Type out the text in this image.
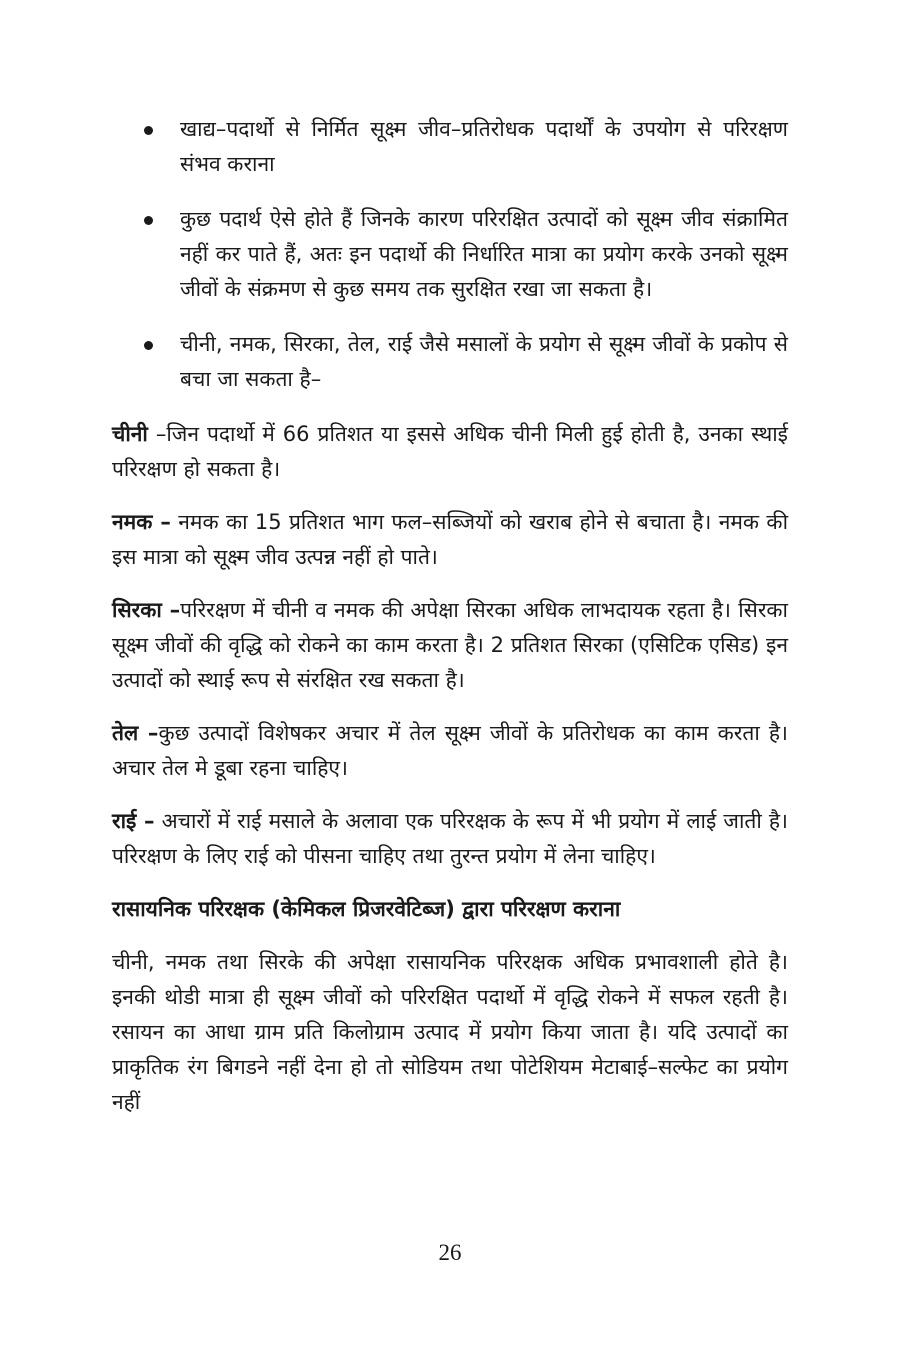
खाद्य–पदार्थो से निर्मित सूक्ष्म जीव–प्रतिरोधक पदार्थों के उपयोग से परिरक्षण संभव कराना
कुछ पदार्थ ऐसे होते हैं जिनके कारण परिरक्षित उत्पादों को सूक्ष्म जीव संक्रामित नहीं कर पाते हैं, अतः इन पदार्थो की निर्धारित मात्रा का प्रयोग करके उनको सूक्ष्म जीवों के संक्रमण से कुछ समय तक सुरक्षित रखा जा सकता है।
चीनी, नमक, सिरका, तेल, राई जैसे मसालों के प्रयोग से सूक्ष्म जीवों के प्रकोप से बचा जा सकता है–

चीनी –जिन पदार्थो में 66 प्रतिशत या इससे अधिक चीनी मिली हुई होती है, उनका स्थाई परिरक्षण हो सकता है।

नमक – नमक का 15 प्रतिशत भाग फल–सब्जियों को खराब होने से बचाता है। नमक की इस मात्रा को सूक्ष्म जीव उत्पन्न नहीं हो पाते।

सिरका –परिरक्षण में चीनी व नमक की अपेक्षा सिरका अधिक लाभदायक रहता है। सिरका सूक्ष्म जीवों की वृद्धि को रोकने का काम करता है। 2 प्रतिशत सिरका (एसिटिक एसिड) इन उत्पादों को स्थाई रूप से संरक्षित रख सकता है।

तेल –कुछ उत्पादों विशेषकर अचार में तेल सूक्ष्म जीवों के प्रतिरोधक का काम करता है। अचार तेल मे डूबा रहना चाहिए।

राई – अचारों में राई मसाले के अलावा एक परिरक्षक के रूप में भी प्रयोग में लाई जाती है। परिरक्षण के लिए राई को पीसना चाहिए तथा तुरन्त प्रयोग में लेना चाहिए।

रासायनिक परिरक्षक (केमिकल प्रिजरवेटिब्ज) द्वारा परिरक्षण कराना

चीनी, नमक तथा सिरके की अपेक्षा रासायनिक परिरक्षक अधिक प्रभावशाली होते है। इनकी थोडी मात्रा ही सूक्ष्म जीवों को परिरक्षित पदार्थो में वृद्धि रोकने में सफल रहती है। रसायन का आधा ग्राम प्रति किलोग्राम उत्पाद में प्रयोग किया जाता है। यदि उत्पादों का प्राकृतिक रंग बिगडने नहीं देना हो तो सोडियम तथा पोटेशियम मेटाबाई–सल्फेट का प्रयोग नहीं

26
